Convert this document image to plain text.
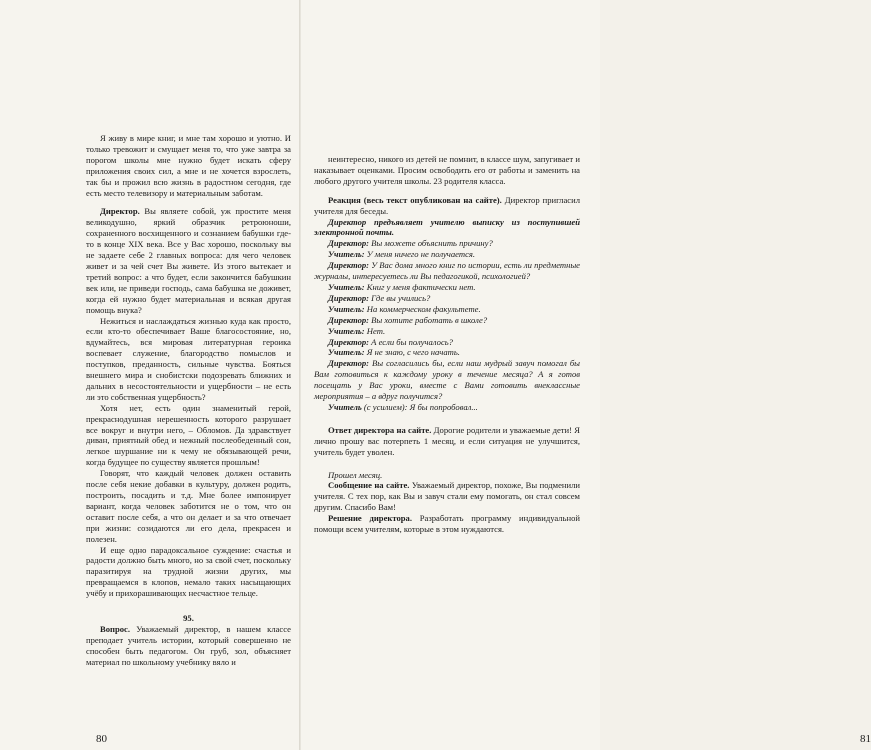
Я живу в мире книг, и мне там хорошо и уютно. И только тревожит и смущает меня то, что уже завтра за порогом школы мне нужно будет искать сферу приложения своих сил, а мне и не хочется взрослеть, так бы и прожил всю жизнь в радостном сегодня, где есть место телевизору и материальным заботам.

Директор. Вы являете собой, уж простите меня великодушно, яркий образчик ретроюноши, сохраненного восхищенного и сознанием бабушки где-то в конце XIX века. Все у Вас хорошо, поскольку вы не задаете себе 2 главных вопроса: для чего человек живет и за чей счет Вы живете. Из этого вытекает и третий вопрос: а что будет, если закончится бабушкин век или, не приведи господь, сама бабушка не доживет, когда ей нужно будет материальная и всякая другая помощь внука?

Нежиться и наслаждаться жизнью куда как просто, если кто-то обеспечивает Ваше благосостояние, но, вдумайтесь, вся мировая литературная героика воспевает служение, благородство помыслов и поступков, преданность, сильные чувства. Бояться внешнего мира и снобистски подозревать ближних и дальних в несостоятельности и ущербности – не есть ли это собственная ущербность?

Хотя нет, есть один знаменитый герой, прекраснодушная нерешенность которого разрушает все вокруг и внутри него, – Обломов. Да здравствует диван, приятный обед и нежный послеобеденный сон, легкое шуршание ни к чему не обязывающей речи, когда будущее по существу является прошлым!

Говорят, что каждый человек должен оставить после себя некие добавки в культуру, должен родить, построить, посадить и т.д. Мне более импонирует вариант, когда человек заботится не о том, что он оставит после себя, а что он делает и за что отвечает при жизни: созидаются ли его дела, прекрасен и полезен.

И еще одно парадоксальное суждение: счастья и радости должно быть много, но за свой счет, поскольку паразитируя на трудной жизни других, мы превращаемся в клопов, немало таких насыщающих учёбу и прихорашивающих несчастное тельце.

95.

Вопрос. Уважаемый директор, в нашем классе преподает учитель истории, который совершенно не способен быть педагогом. Он груб, зол, объясняет материал по школьному учебнику вяло и

80

неинтересно, никого из детей не помнит, в классе шум, запугивает и наказывает оценками. Просим освободить его от работы и заменить на любого другого учителя школы. 23 родителя класса.

Реакция (весь текст опубликован на сайте). Директор пригласил учителя для беседы.

Директор предъявляет учителю выписку из поступившей электронной почты.

Директор: Вы можете объяснить причину?

Учитель: У меня ничего не получается.

Директор: У Вас дома много книг по истории, есть ли предметные журналы, интересуетесь ли Вы педагогикой, психологией?

Учитель: Книг у меня фактически нет.

Директор: Где вы учились?

Учитель: На коммерческом факультете.

Директор: Вы хотите работать в школе?

Учитель: Нет.

Директор: А если бы получалось?

Учитель: Я не знаю, с чего начать.

Директор: Вы согласились бы, если наш мудрый завуч помогал бы Вам готовиться к каждому уроку в течение месяца? А я готов посещать у Вас уроки, вместе с Вами готовить внеклассные мероприятия – а вдруг получится?

Учитель (с усилием): Я бы попробовал...

Ответ директора на сайте. Дорогие родители и уважаемые дети! Я лично прошу вас потерпеть 1 месяц, и если ситуация не улучшится, учитель будет уволен.

Прошел месяц.

Сообщение на сайте. Уважаемый директор, похоже, Вы подменили учителя. С тех пор, как Вы и завуч стали ему помогать, он стал совсем другим. Спасибо Вам!

Решение директора. Разработать программу индивидуальной помощи всем учителям, которые в этом нуждаются.

81
